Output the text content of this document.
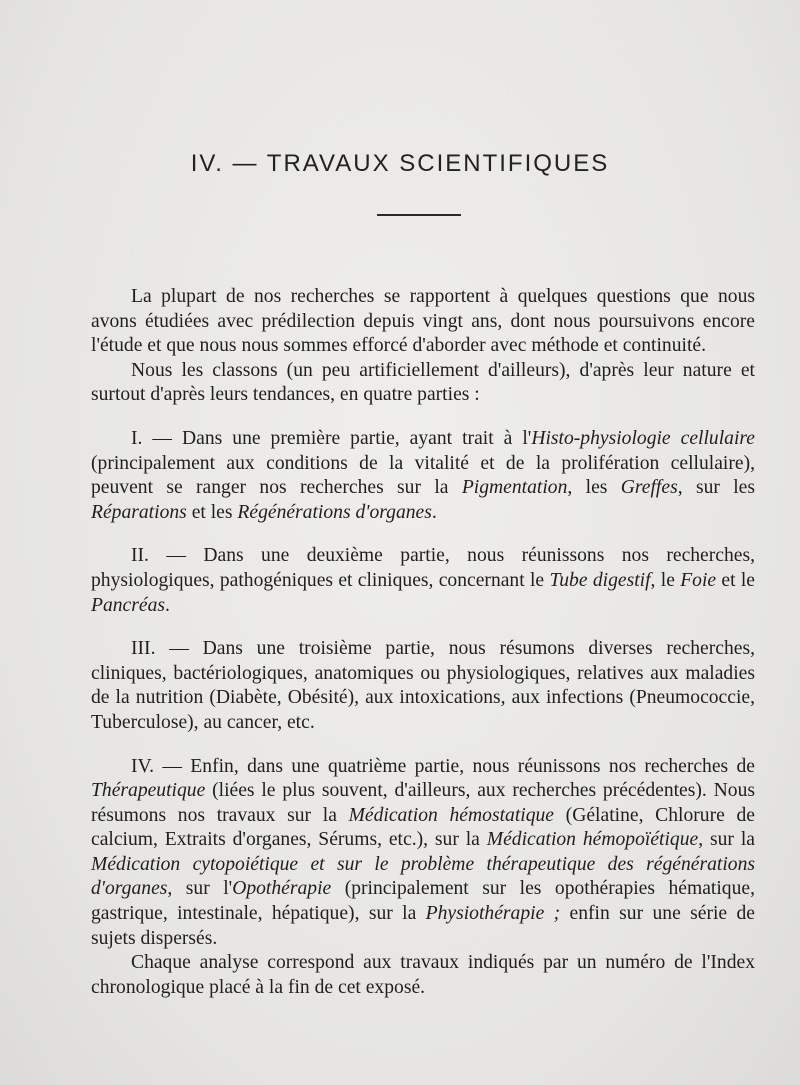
IV. — TRAVAUX SCIENTIFIQUES

La plupart de nos recherches se rapportent à quelques questions que nous avons étudiées avec prédilection depuis vingt ans, dont nous poursuivons encore l'étude et que nous nous sommes efforcé d'aborder avec méthode et continuité.

Nous les classons (un peu artificiellement d'ailleurs), d'après leur nature et surtout d'après leurs tendances, en quatre parties :

I. — Dans une première partie, ayant trait à l'Histo-physiologie cellulaire (principalement aux conditions de la vitalité et de la prolifération cellulaire), peuvent se ranger nos recherches sur la Pigmentation, les Greffes, sur les Réparations et les Régénérations d'organes.

II. — Dans une deuxième partie, nous réunissons nos recherches, physiologiques, pathogéniques et cliniques, concernant le Tube digestif, le Foie et le Pancréas.

III. — Dans une troisième partie, nous résumons diverses recherches, cliniques, bactériologiques, anatomiques ou physiologiques, relatives aux maladies de la nutrition (Diabète, Obésité), aux intoxications, aux infections (Pneumococcie, Tuberculose), au cancer, etc.

IV. — Enfin, dans une quatrième partie, nous réunissons nos recherches de Thérapeutique (liées le plus souvent, d'ailleurs, aux recherches précédentes). Nous résumons nos travaux sur la Médication hémostatique (Gélatine, Chlorure de calcium, Extraits d'organes, Sérums, etc.), sur la Médication hémopoïétique, sur la Médication cytopoiétique et sur le problème thérapeutique des régénérations d'organes, sur l'Opothérapie (principalement sur les opothérapies hématique, gastrique, intestinale, hépatique), sur la Physiothérapie ; enfin sur une série de sujets dispersés.

Chaque analyse correspond aux travaux indiqués par un numéro de l'Index chronologique placé à la fin de cet exposé.
